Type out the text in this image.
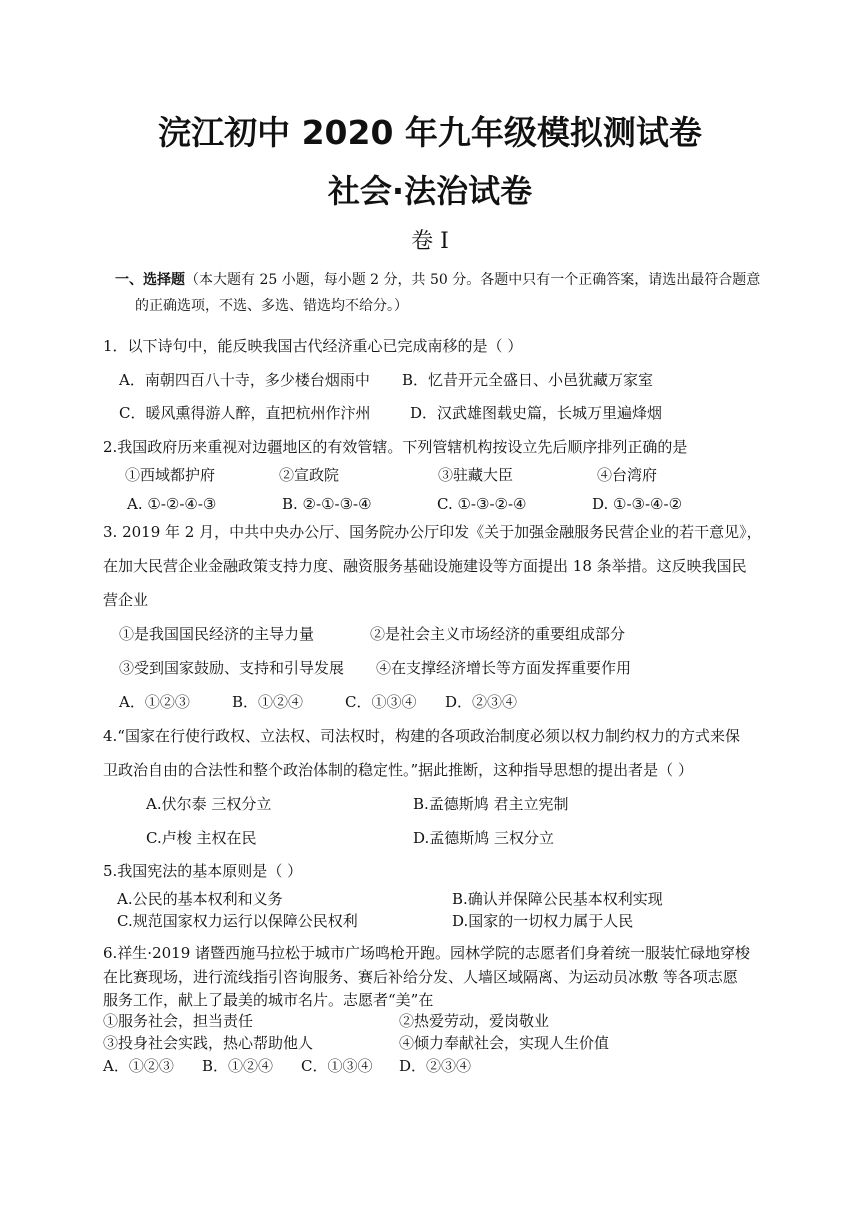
浣江初中 2020 年九年级模拟测试卷
社会·法治试卷
卷 I
一、选择题（本大题有 25 小题，每小题 2 分，共 50 分。各题中只有一个正确答案，请选出最符合题意
的正确选项，不选、多选、错选均不给分。）
1．以下诗句中，能反映我国古代经济重心已完成南移的是（ ）
A．南朝四百八十寺，多少楼台烟雨中 B．忆昔开元全盛日、小邑犹藏万家室
C．暖风熏得游人醉，直把杭州作汴州	D．汉武雄图载史篇，长城万里遍烽烟
2.我国政府历来重视对边疆地区的有效管辖。下列管辖机构按设立先后顺序排列正确的是
①西域都护府	②宣政院	③驻藏大臣	④台湾府
A. ①-②-④-③	B. ②-①-③-④	C. ①-③-②-④	D. ①-③-④-②
3. 2019 年 2 月，中共中央办公厅、国务院办公厅印发《关于加强金融服务民营企业的若干意见》，
在加大民营企业金融政策支持力度、融资服务基础设施建设等方面提出 18 条举措。这反映我国民
营企业
①是我国国民经济的主导力量	②是社会主义市场经济的重要组成部分
③受到国家鼓励、支持和引导发展 ④在支撑经济增长等方面发挥重要作用
A．①②③	B．①②④	C．①③④ D．②③④
4.“国家在行使行政权、立法权、司法权时，构建的各项政治制度必须以权力制约权力的方式来保
卫政治自由的合法性和整个政治体制的稳定性。”据此推断，这种指导思想的提出者是（ ）
A.伏尔泰 三权分立	B.孟德斯鸠 君主立宪制
C.卢梭 主权在民	D.孟德斯鸠 三权分立
5.我国宪法的基本原则是（ ）
A.公民的基本权利和义务	B.确认并保障公民基本权利实现
C.规范国家权力运行以保障公民权利	D.国家的一切权力属于人民
6.祥生·2019 诸暨西施马拉松于城市广场鸣枪开跑。园林学院的志愿者们身着统一服装忙碌地穿梭
在比赛现场，进行流线指引咨询服务、赛后补给分发、人墙区域隔离、为运动员冰敷 等各项志愿
服务工作，献上了最美的城市名片。志愿者“美”在
①服务社会，担当责任	②热爱劳动，爱岗敬业
③投身社会实践，热心帮助他人	④倾力奉献社会，实现人生价值
A．①②③ B．①②④ C．①③④ D．②③④
